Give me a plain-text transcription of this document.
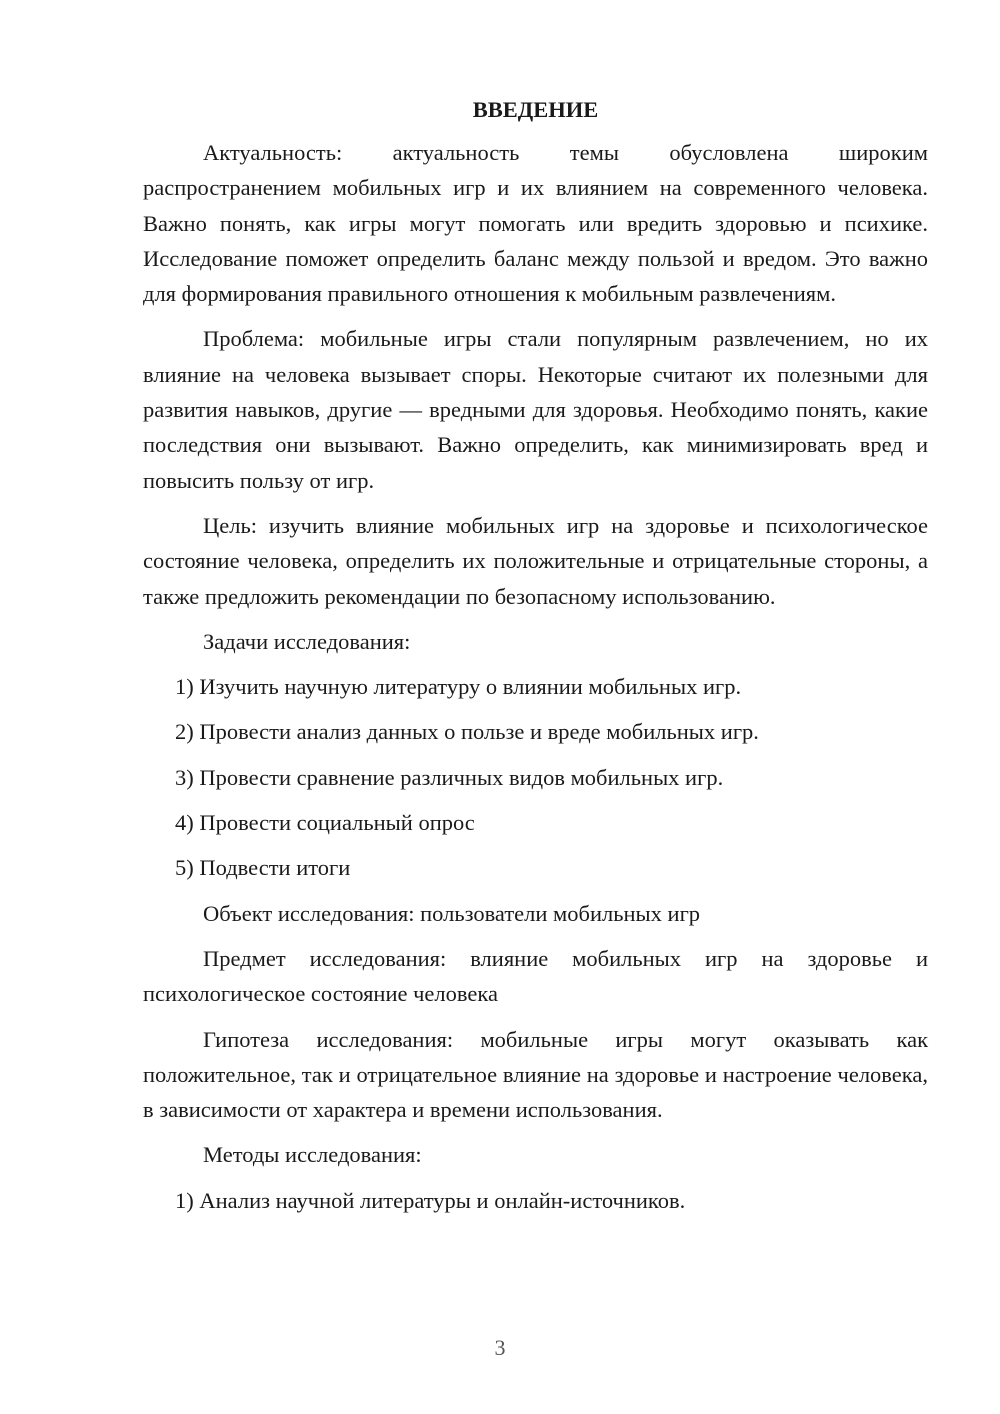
ВВЕДЕНИЕ

Актуальность: актуальность темы обусловлена широким распространением мобильных игр и их влиянием на современного человека. Важно понять, как игры могут помогать или вредить здоровью и психике. Исследование поможет определить баланс между пользой и вредом. Это важно для формирования правильного отношения к мобильным развлечениям.

Проблема: мобильные игры стали популярным развлечением, но их влияние на человека вызывает споры. Некоторые считают их полезными для развития навыков, другие — вредными для здоровья. Необходимо понять, какие последствия они вызывают. Важно определить, как минимизировать вред и повысить пользу от игр.

Цель: изучить влияние мобильных игр на здоровье и психологическое состояние человека, определить их положительные и отрицательные стороны, а также предложить рекомендации по безопасному использованию.

Задачи исследования:
1) Изучить научную литературу о влиянии мобильных игр.
2) Провести анализ данных о пользе и вреде мобильных игр.
3) Провести сравнение различных видов мобильных игр.
4) Провести социальный опрос
5) Подвести итоги
Объект исследования: пользователи мобильных игр

Предмет исследования: влияние мобильных игр на здоровье и психологическое состояние человека

Гипотеза исследования: мобильные игры могут оказывать как положительное, так и отрицательное влияние на здоровье и настроение человека, в зависимости от характера и времени использования.

Методы исследования:
1) Анализ научной литературы и онлайн-источников.
3
